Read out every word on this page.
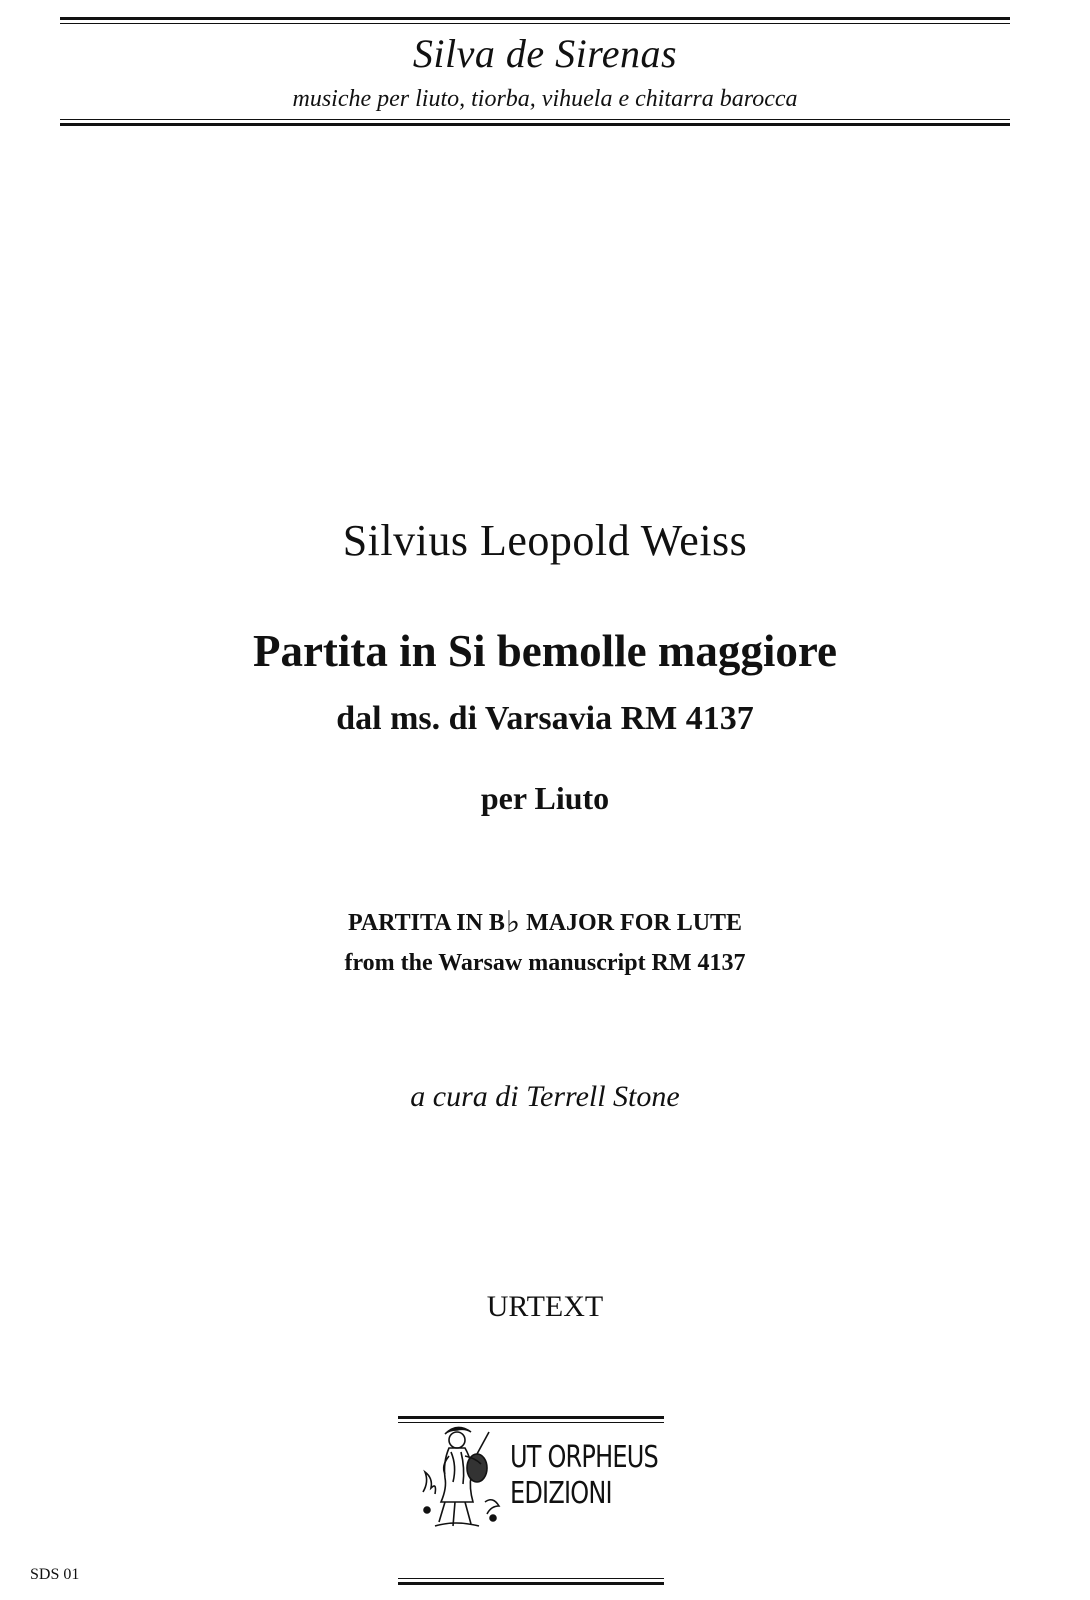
Silva de Sirenas
musiche per liuto, tiorba, vihuela e chitarra barocca
Silvius Leopold Weiss
Partita in Si bemolle maggiore
dal ms. di Varsavia RM 4137
per Liuto
PARTITA IN B♭ MAJOR FOR LUTE
from the Warsaw manuscript RM 4137
a cura di Terrell Stone
URTEXT
UT ORPHEUS
EDIZIONI
SDS 01
